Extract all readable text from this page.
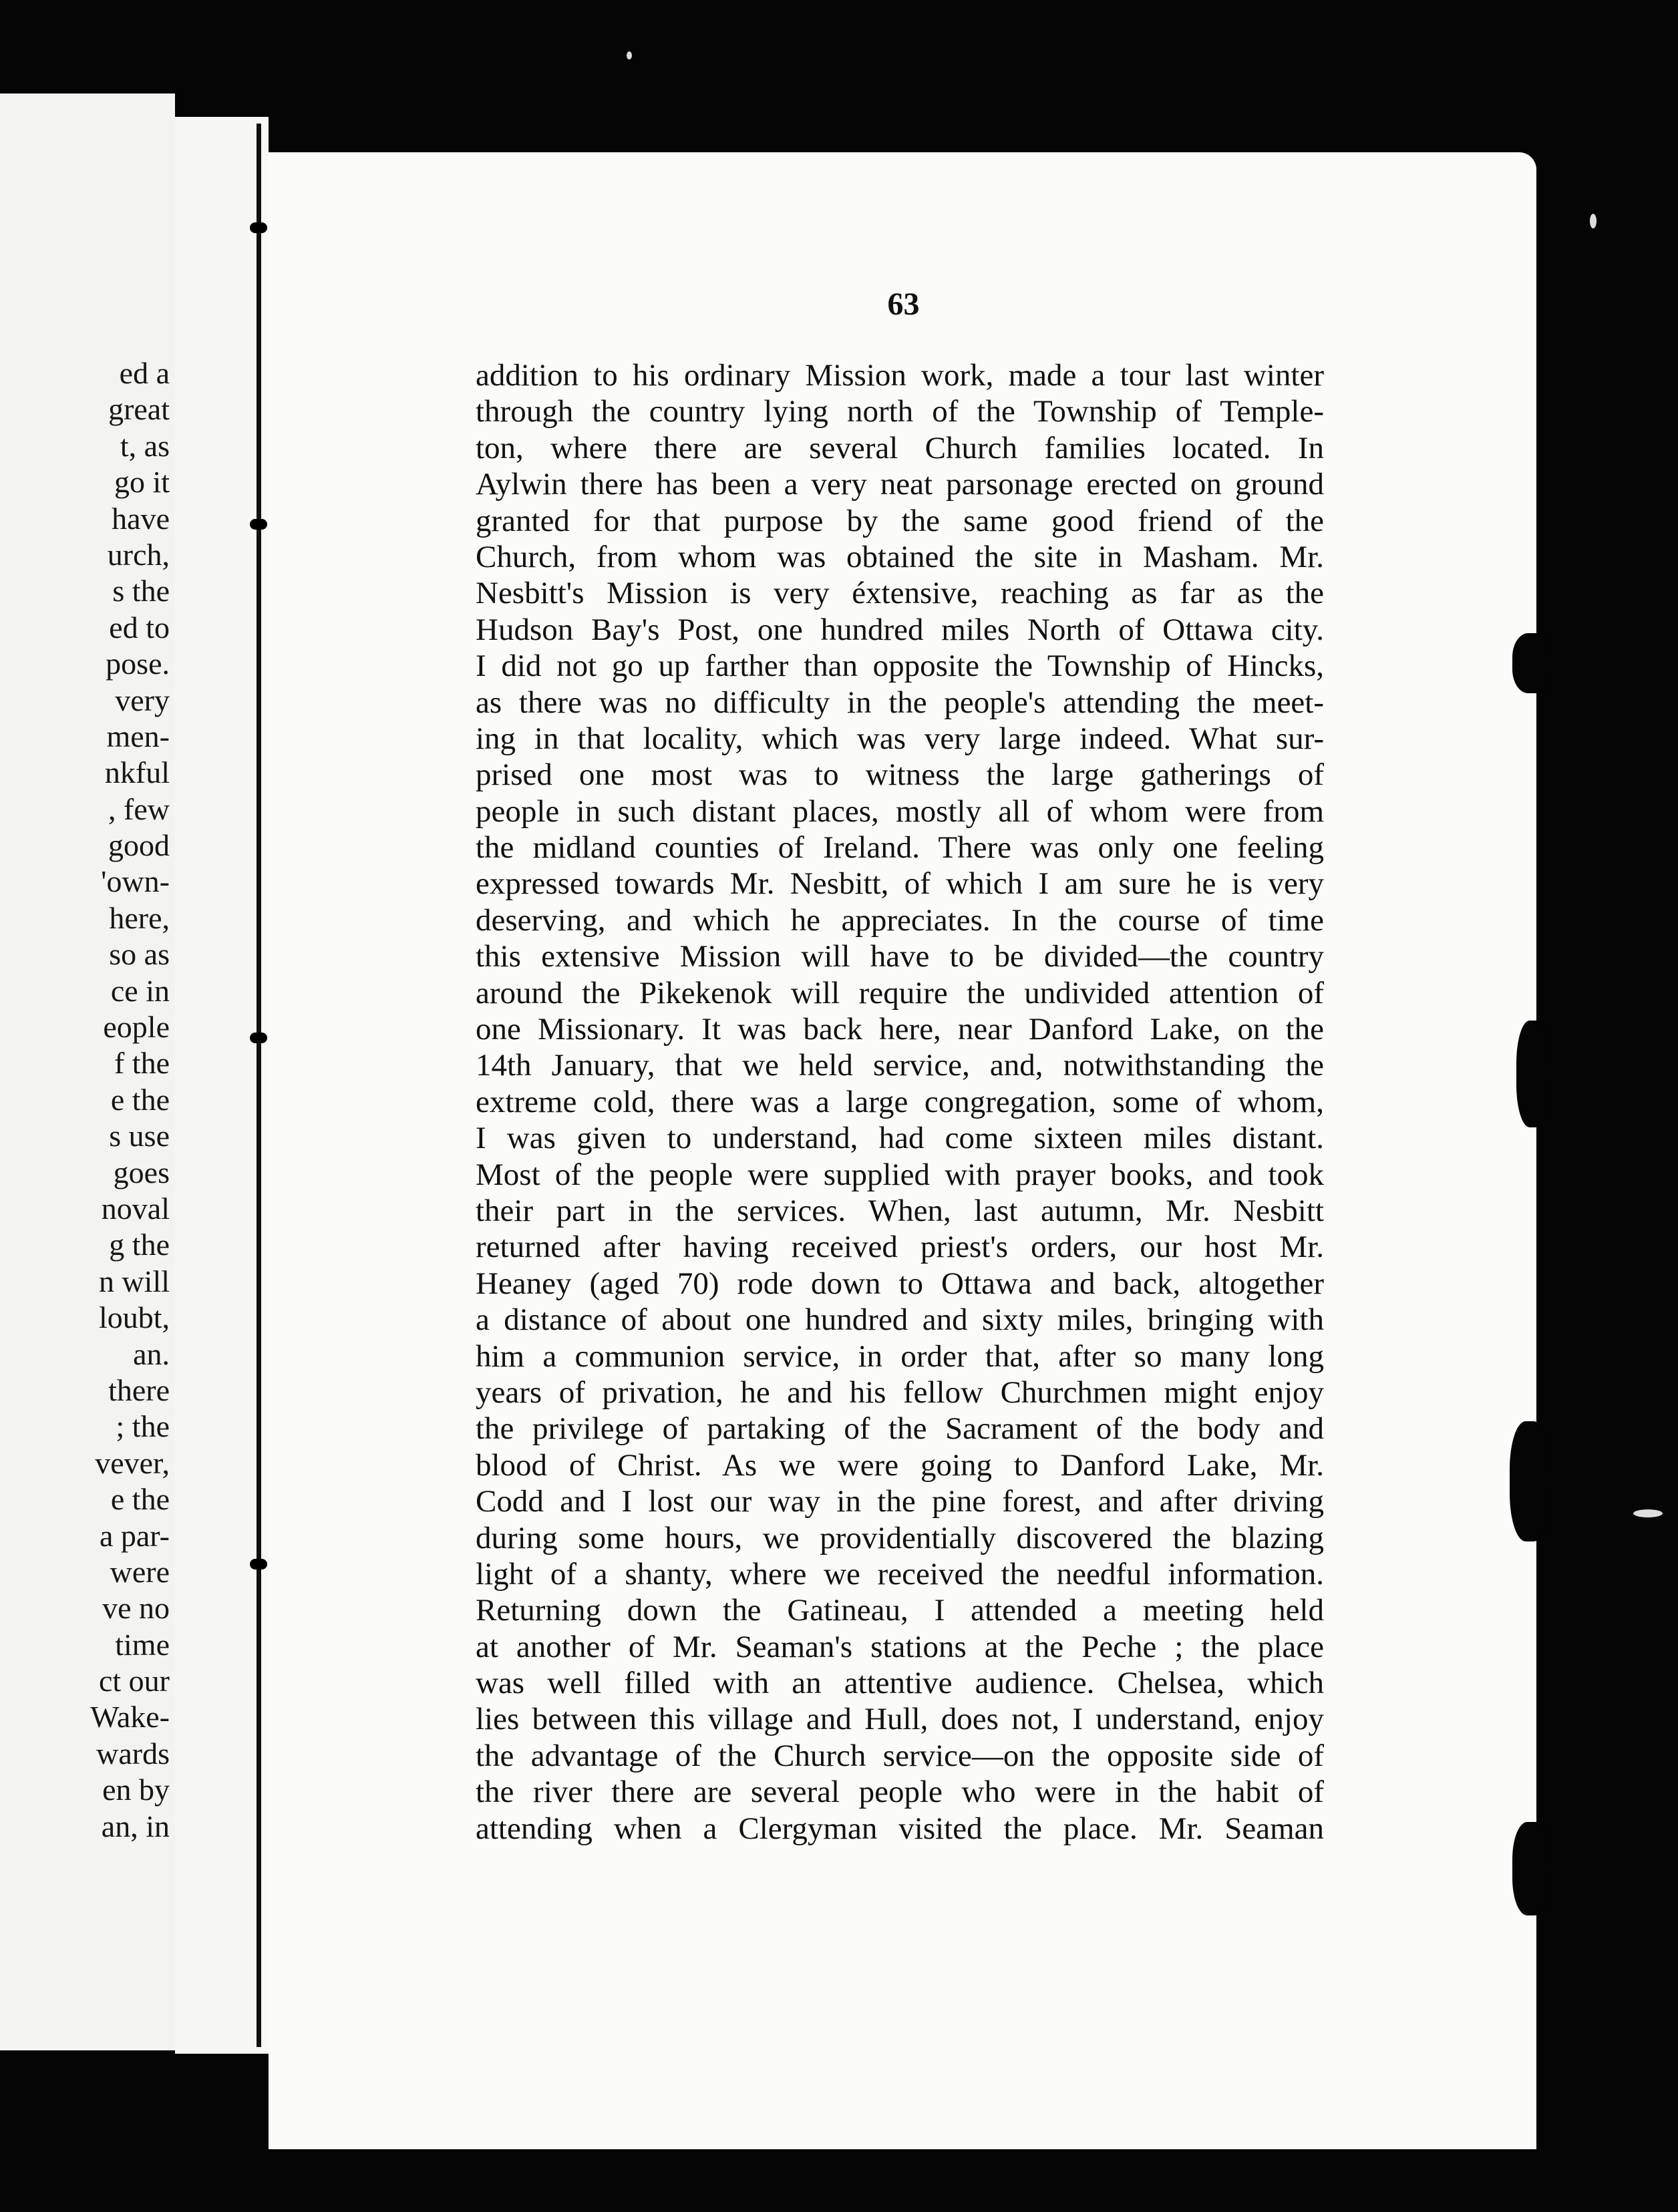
ed a
great
t, as
go it
have
urch,
s the
ed to
pose.
very
men-
nkful
, few
good
'own-
here,
so as
ce in
eople
f the
e the
s use
goes
noval
g the
n will
loubt,
an.
there
; the
vever,
e the
a par-
were
ve no
time
ct our
Wake-
wards
en by
an, in
63
addition to his ordinary Mission work, made a tour last winter
through the country lying north of the Township of Temple-
ton, where there are several Church families located. In
Aylwin there has been a very neat parsonage erected on ground
granted for that purpose by the same good friend of the
Church, from whom was obtained the site in Masham. Mr.
Nesbitt's Mission is very éxtensive, reaching as far as the
Hudson Bay's Post, one hundred miles North of Ottawa city.
I did not go up farther than opposite the Township of Hincks,
as there was no difficulty in the people's attending the meet-
ing in that locality, which was very large indeed. What sur-
prised one most was to witness the large gatherings of
people in such distant places, mostly all of whom were from
the midland counties of Ireland. There was only one feeling
expressed towards Mr. Nesbitt, of which I am sure he is very
deserving, and which he appreciates. In the course of time
this extensive Mission will have to be divided—the country
around the Pikekenok will require the undivided attention of
one Missionary. It was back here, near Danford Lake, on the
14th January, that we held service, and, notwithstanding the
extreme cold, there was a large congregation, some of whom,
I was given to understand, had come sixteen miles distant.
Most of the people were supplied with prayer books, and took
their part in the services. When, last autumn, Mr. Nesbitt
returned after having received priest's orders, our host Mr.
Heaney (aged 70) rode down to Ottawa and back, altogether
a distance of about one hundred and sixty miles, bringing with
him a communion service, in order that, after so many long
years of privation, he and his fellow Churchmen might enjoy
the privilege of partaking of the Sacrament of the body and
blood of Christ. As we were going to Danford Lake, Mr.
Codd and I lost our way in the pine forest, and after driving
during some hours, we providentially discovered the blazing
light of a shanty, where we received the needful information.
Returning down the Gatineau, I attended a meeting held
at another of Mr. Seaman's stations at the Peche ; the place
was well filled with an attentive audience. Chelsea, which
lies between this village and Hull, does not, I understand, enjoy
the advantage of the Church service—on the opposite side of
the river there are several people who were in the habit of
attending when a Clergyman visited the place. Mr. Seaman
